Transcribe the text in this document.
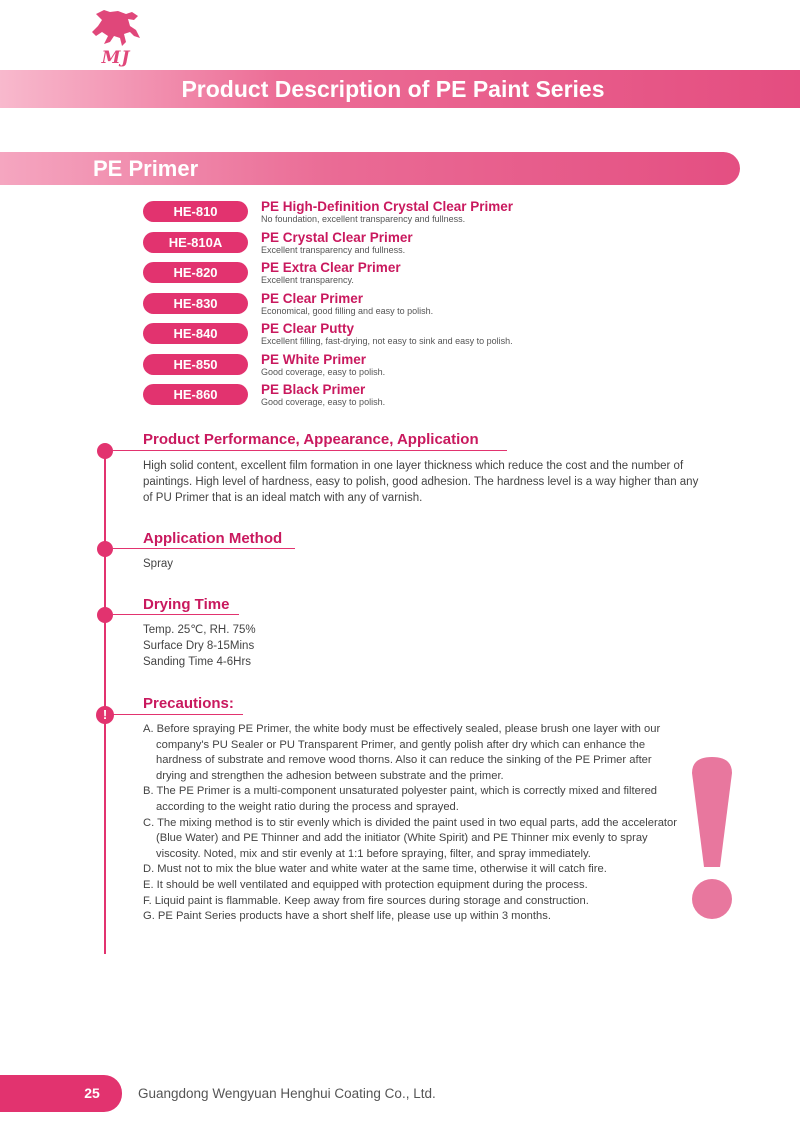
MJ
Product Description of PE Paint Series
PE Primer
HE-810	PE High-Definition Crystal Clear Primer
No foundation, excellent transparency and fullness.
HE-810A	PE Crystal Clear Primer
Excellent transparency and fullness.
HE-820	PE Extra Clear Primer
Excellent transparency.
HE-830	PE Clear Primer
Economical, good filling and easy to polish.
HE-840	PE Clear Putty
Excellent filling, fast-drying, not easy to sink and easy to polish.
HE-850	PE White Primer
Good coverage, easy to polish.
HE-860	PE Black Primer
Good coverage, easy to polish.
Product Performance, Appearance, Application
High solid content, excellent film formation in one layer thickness which reduce the cost and the number of
paintings. High level of hardness, easy to polish, good adhesion. The hardness level is a way higher than any
of PU Primer that is an ideal match with any of varnish.
Application Method
Spray
Drying Time
Temp. 25℃, RH. 75%
Surface Dry 8-15Mins
Sanding Time 4-6Hrs
!
Precautions:
A. Before spraying PE Primer, the white body must be effectively sealed, please brush one layer with our company's PU Sealer or PU Transparent Primer, and gently polish after dry which can enhance the hardness of substrate and remove wood thorns. Also it can reduce the sinking of the PE Primer after drying and strengthen the adhesion between substrate and the primer.
B. The PE Primer is a multi-component unsaturated polyester paint, which is correctly mixed and filtered according to the weight ratio during the process and sprayed.
C. The mixing method is to stir evenly which is divided the paint used in two equal parts, add the accelerator (Blue Water) and PE Thinner and add the initiator (White Spirit) and PE Thinner mix evenly to spray viscosity. Noted, mix and stir evenly at 1:1 before spraying, filter, and spray immediately.
D. Must not to mix the blue water and white water at the same time, otherwise it will catch fire.
E. It should be well ventilated and equipped with protection equipment during the process.
F. Liquid paint is flammable. Keep away from fire sources during storage and construction.
G. PE Paint Series products have a short shelf life, please use up within 3 months.
25	Guangdong Wengyuan Henghui Coating Co., Ltd.
